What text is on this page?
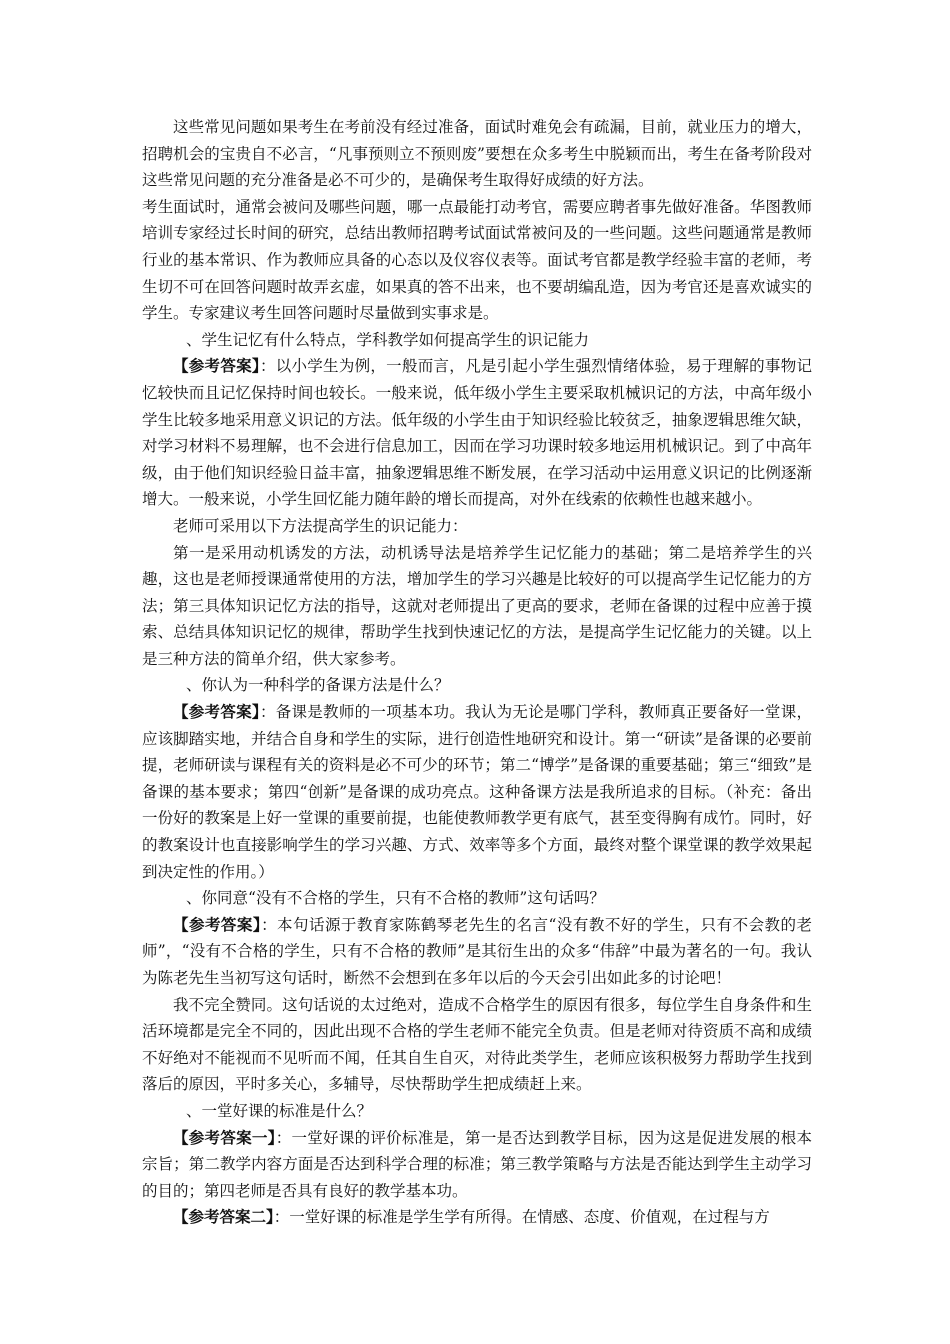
这些常见问题如果考生在考前没有经过准备，面试时难免会有疏漏，目前，就业压力的增大，招聘机会的宝贵自不必言，“凡事预则立不预则废”要想在众多考生中脱颖而出，考生在备考阶段对这些常见问题的充分准备是必不可少的，是确保考生取得好成绩的好方法。

考生面试时，通常会被问及哪些问题，哪一点最能打动考官，需要应聘者事先做好准备。华图教师培训专家经过长时间的研究，总结出教师招聘考试面试常被问及的一些问题。这些问题通常是教师行业的基本常识、作为教师应具备的心态以及仪容仪表等。面试考官都是教学经验丰富的老师，考生切不可在回答问题时故弄玄虚，如果真的答不出来，也不要胡编乱造，因为考官还是喜欢诚实的学生。专家建议考生回答问题时尽量做到实事求是。

、学生记忆有什么特点，学科教学如何提高学生的识记能力

【参考答案】：以小学生为例，一般而言，凡是引起小学生强烈情绪体验，易于理解的事物记忆较快而且记忆保持时间也较长。一般来说，低年级小学生主要采取机械识记的方法，中高年级小学生比较多地采用意义识记的方法。低年级的小学生由于知识经验比较贫乏，抽象逻辑思维欠缺，对学习材料不易理解，也不会进行信息加工，因而在学习功课时较多地运用机械识记。到了中高年级，由于他们知识经验日益丰富，抽象逻辑思维不断发展，在学习活动中运用意义识记的比例逐渐增大。一般来说，小学生回忆能力随年龄的增长而提高，对外在线索的依赖性也越来越小。

老师可采用以下方法提高学生的识记能力：

第一是采用动机诱发的方法，动机诱导法是培养学生记忆能力的基础；第二是培养学生的兴趣，这也是老师授课通常使用的方法，增加学生的学习兴趣是比较好的可以提高学生记忆能力的方法；第三具体知识记忆方法的指导，这就对老师提出了更高的要求，老师在备课的过程中应善于摸索、总结具体知识记忆的规律，帮助学生找到快速记忆的方法，是提高学生记忆能力的关键。以上是三种方法的简单介绍，供大家参考。

、你认为一种科学的备课方法是什么？

【参考答案】：备课是教师的一项基本功。我认为无论是哪门学科，教师真正要备好一堂课，应该脚踏实地，并结合自身和学生的实际，进行创造性地研究和设计。第一“研读”是备课的必要前提，老师研读与课程有关的资料是必不可少的环节；第二“博学”是备课的重要基础；第三“细致”是备课的基本要求；第四“创新”是备课的成功亮点。这种备课方法是我所追求的目标。（补充：备出一份好的教案是上好一堂课的重要前提，也能使教师教学更有底气，甚至变得胸有成竹。同时，好的教案设计也直接影响学生的学习兴趣、方式、效率等多个方面，最终对整个课堂课的教学效果起到决定性的作用。）

、你同意“没有不合格的学生，只有不合格的教师”这句话吗？

【参考答案】：本句话源于教育家陈鹤琴老先生的名言“没有教不好的学生，只有不会教的老师”，“没有不合格的学生，只有不合格的教师”是其衍生出的众多“伟辞”中最为著名的一句。我认为陈老先生当初写这句话时，断然不会想到在多年以后的今天会引出如此多的讨论吧！

我不完全赞同。这句话说的太过绝对，造成不合格学生的原因有很多，每位学生自身条件和生活环境都是完全不同的，因此出现不合格的学生老师不能完全负责。但是老师对待资质不高和成绩不好绝对不能视而不见听而不闻，任其自生自灭，对待此类学生，老师应该积极努力帮助学生找到落后的原因，平时多关心，多辅导，尽快帮助学生把成绩赶上来。

、一堂好课的标准是什么？

【参考答案一】：一堂好课的评价标准是，第一是否达到教学目标，因为这是促进发展的根本宗旨；第二教学内容方面是否达到科学合理的标准；第三教学策略与方法是否能达到学生主动学习的目的；第四老师是否具有良好的教学基本功。

【参考答案二】：一堂好课的标准是学生学有所得。在情感、态度、价值观，在过程与方
